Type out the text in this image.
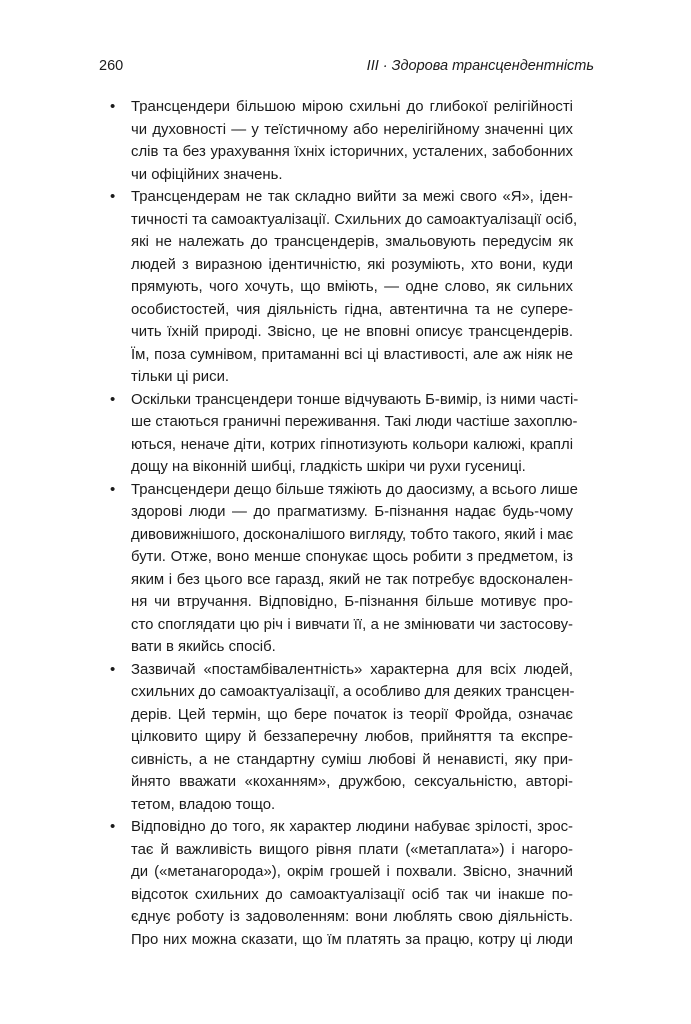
260	III · Здорова трансцендентність
• Трансцендери більшою мірою схильні до глибокої релігійності
чи духовності — у теїстичному або нерелігійному значенні цих
слів та без урахування їхніх історичних, усталених, забобонних
чи офіційних значень.
• Трансцендерам не так складно вийти за межі свого «Я», іден-
тичності та самоактуалізації. Схильних до самоактуалізації осіб,
які не належать до трансцендерів, змальовують передусім як
людей з виразною ідентичністю, які розуміють, хто вони, куди
прямують, чого хочуть, що вміють, — одне слово, як сильних
особистостей, чия діяльність гідна, автентична та не супере-
чить їхній природі. Звісно, це не вповні описує трансцендерів.
Їм, поза сумнівом, притаманні всі ці властивості, але аж ніяк не
тільки ці риси.
• Оскільки трансцендери тонше відчувають Б-вимір, із ними часті-
ше стаються граничні переживання. Такі люди частіше захоплю-
ються, неначе діти, котрих гіпнотизують кольори калюжі, краплі
дощу на віконній шибці, гладкість шкіри чи рухи гусениці.
• Трансцендери дещо більше тяжіють до даосизму, а всього лише
здорові люди — до прагматизму. Б-пізнання надає будь-чому
дивовижнішого, досконалішого вигляду, тобто такого, який і має
бути. Отже, воно менше спонукає щось робити з предметом, із
яким і без цього все гаразд, який не так потребує вдосконален-
ня чи втручання. Відповідно, Б-пізнання більше мотивує про-
сто споглядати цю річ і вивчати її, а не змінювати чи застосову-
вати в якийсь спосіб.
• Зазвичай «постамбівалентність» характерна для всіх людей,
схильних до самоактуалізації, а особливо для деяких трансцен-
дерів. Цей термін, що бере початок із теорії Фройда, означає
цілковито щиру й беззаперечну любов, прийняття та експре-
сивність, а не стандартну суміш любові й ненависті, яку при-
йнято вважати «коханням», дружбою, сексуальністю, авторі-
тетом, владою тощо.
• Відповідно до того, як характер людини набуває зрілості, зрос-
тає й важливість вищого рівня плати («метаплата») і нагоро-
ди («метанагорода»), окрім грошей і похвали. Звісно, значний
відсоток схильних до самоактуалізації осіб так чи інакше по-
єднує роботу із задоволенням: вони люблять свою діяльність.
Про них можна сказати, що їм платять за працю, котру ці люди
